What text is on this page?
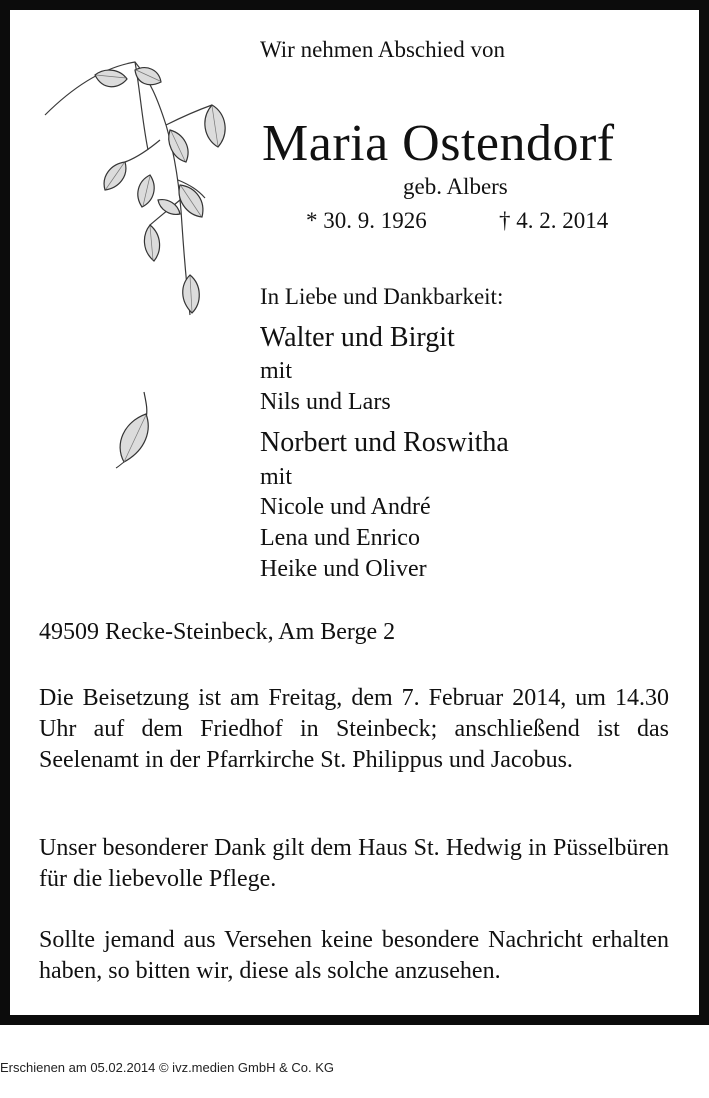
Wir nehmen Abschied von
Maria Ostendorf
geb. Albers
* 30. 9. 1926	† 4. 2. 2014
In Liebe und Dankbarkeit:
Walter und Birgit
mit
Nils und Lars
Norbert und Roswitha
mit
Nicole und André
Lena und Enrico
Heike und Oliver
49509 Recke-Steinbeck, Am Berge 2
Die Beisetzung ist am Freitag, dem 7. Februar 2014, um 14.30 Uhr auf dem Friedhof in Steinbeck; anschließend ist das Seelenamt in der Pfarrkirche St. Philippus und Jacobus.
Unser besonderer Dank gilt dem Haus St. Hedwig in Püsselbüren für die liebevolle Pflege.
Sollte jemand aus Versehen keine besondere Nachricht erhalten haben, so bitten wir, diese als solche anzusehen.
Erschienen am 05.02.2014 © ivz.medien GmbH & Co. KG
